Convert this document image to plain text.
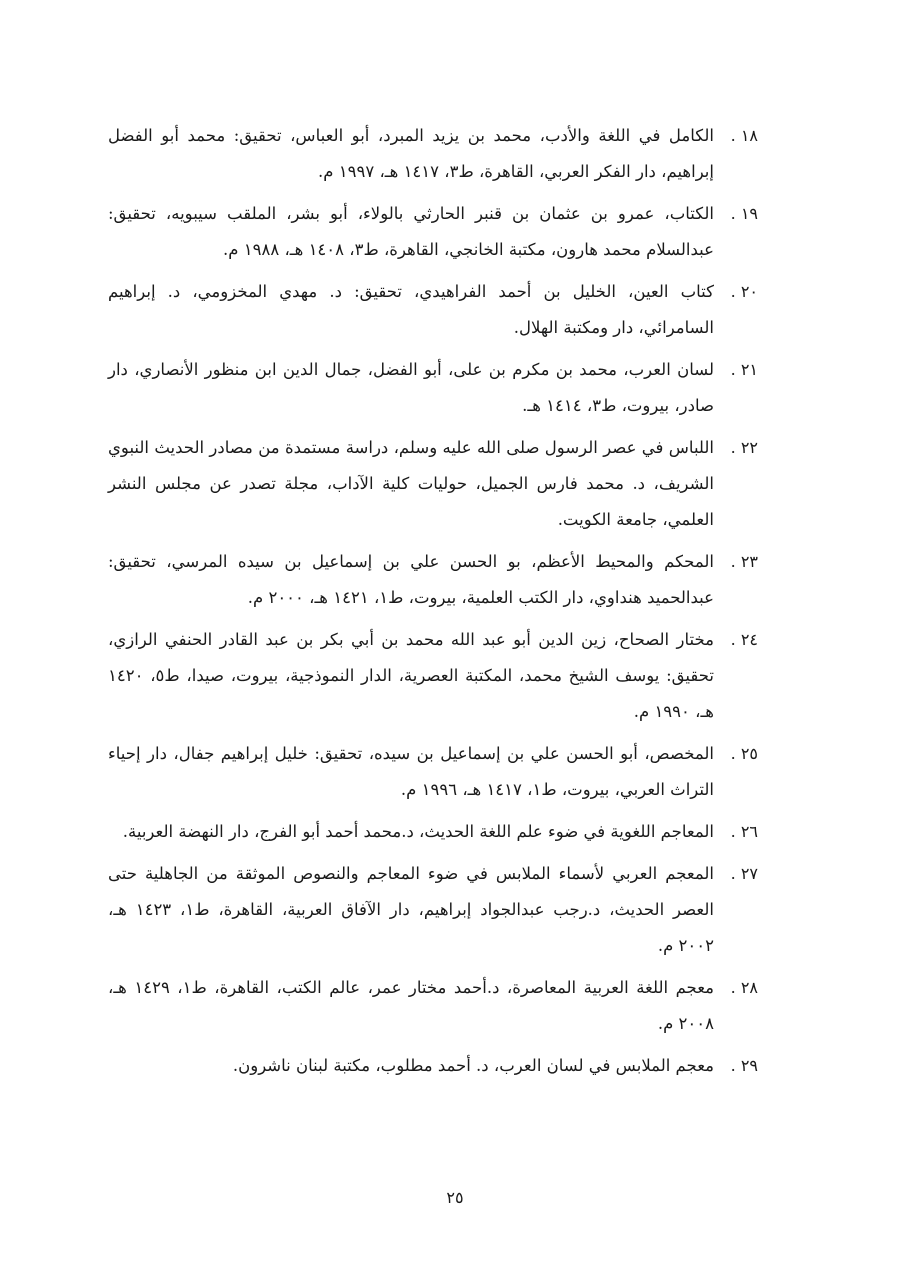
١٨ .
الكامل في اللغة والأدب، محمد بن يزيد المبرد، أبو العباس، تحقيق: محمد أبو الفضل إبراهيم، دار الفكر العربي، القاهرة، ط٣، ١٤١٧ هـ، ١٩٩٧ م.
١٩ .
الكتاب، عمرو بن عثمان بن قنبر الحارثي بالولاء، أبو بشر، الملقب سيبويه، تحقيق: عبدالسلام محمد هارون، مكتبة الخانجي، القاهرة، ط٣، ١٤٠٨ هـ، ١٩٨٨ م.
٢٠ .
كتاب العين، الخليل بن أحمد الفراهيدي، تحقيق: د. مهدي المخزومي، د. إبراهيم السامرائي، دار ومكتبة الهلال.
٢١ .
لسان العرب، محمد بن مكرم بن على، أبو الفضل، جمال الدين ابن منظور الأنصاري، دار صادر، بيروت، ط٣، ١٤١٤ هـ.
٢٢ .
اللباس في عصر الرسول صلى الله عليه وسلم، دراسة مستمدة من مصادر الحديث النبوي الشريف، د. محمد فارس الجميل، حوليات كلية الآداب، مجلة تصدر عن مجلس النشر العلمي، جامعة الكويت.
٢٣ .
المحكم والمحيط الأعظم، بو الحسن علي بن إسماعيل بن سيده المرسي، تحقيق: عبدالحميد هنداوي، دار الكتب العلمية، بيروت، ط١، ١٤٢١ هـ، ٢٠٠٠ م.
٢٤ .
مختار الصحاح، زين الدين أبو عبد الله محمد بن أبي بكر بن عبد القادر الحنفي الرازي، تحقيق: يوسف الشيخ محمد، المكتبة العصرية، الدار النموذجية، بيروت، صيدا، ط٥، ١٤٢٠ هـ، ١٩٩٠ م.
٢٥ .
المخصص، أبو الحسن علي بن إسماعيل بن سيده، تحقيق: خليل إبراهيم جفال، دار إحياء التراث العربي، بيروت، ط١، ١٤١٧ هـ، ١٩٩٦ م.
٢٦ .
المعاجم اللغوية في ضوء علم اللغة الحديث، د.محمد أحمد أبو الفرج، دار النهضة العربية.
٢٧ .
المعجم العربي لأسماء الملابس في ضوء المعاجم والنصوص الموثقة من الجاهلية حتى العصر الحديث، د.رجب عبدالجواد إبراهيم، دار الآفاق العربية، القاهرة، ط١، ١٤٢٣ هـ، ٢٠٠٢ م.
٢٨ .
معجم اللغة العربية المعاصرة، د.أحمد مختار عمر، عالم الكتب، القاهرة، ط١، ١٤٢٩ هـ، ٢٠٠٨ م.
٢٩ .
معجم الملابس في لسان العرب، د. أحمد مطلوب، مكتبة لبنان ناشرون.
٢٥
